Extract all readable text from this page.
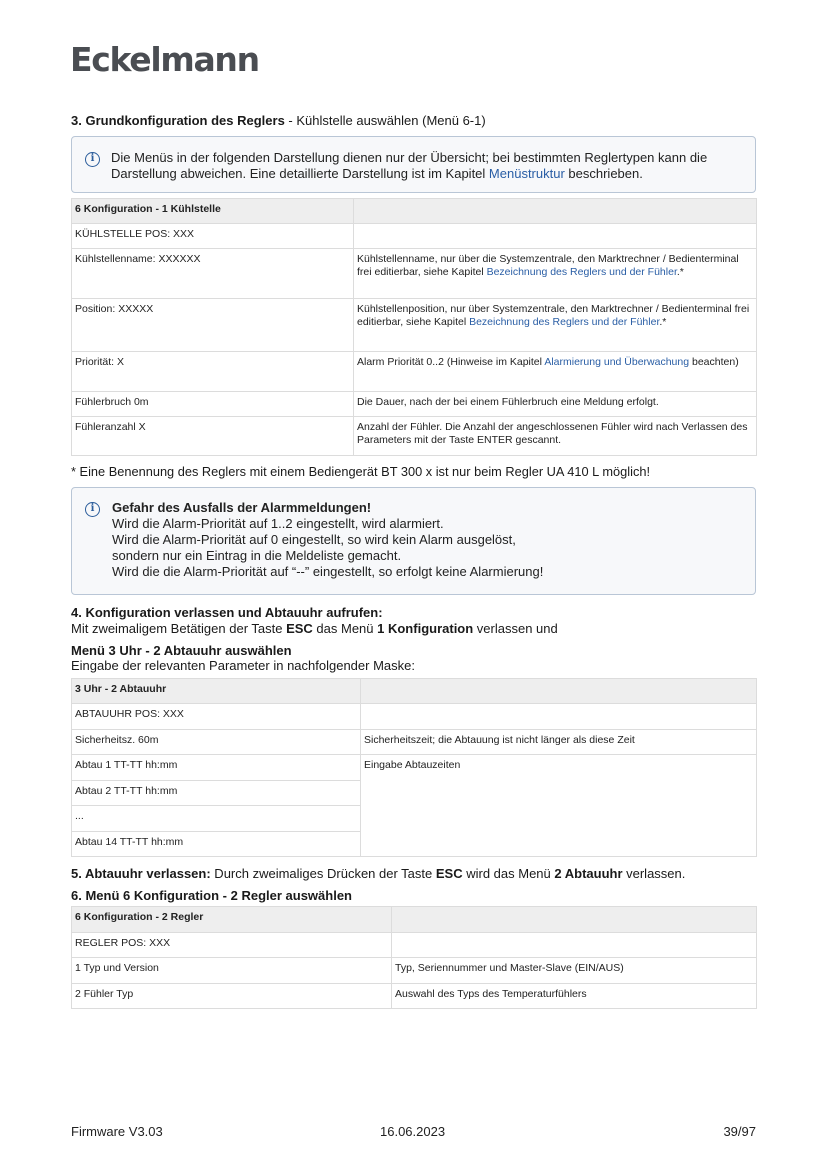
Eckelmann
3. Grundkonfiguration des Reglers - Kühlstelle auswählen (Menü 6-1)
i	Die Menüs in der folgenden Darstellung dienen nur der Übersicht; bei bestimmten Reglertypen kann die Darstellung abweichen. Eine detaillierte Darstellung ist im Kapitel Menüstruktur beschrieben.
6 Konfiguration - 1 Kühlstelle	
KÜHLSTELLE POS: XXX	
Kühlstellenname: XXXXXX	Kühlstellenname, nur über die Systemzentrale, den Marktrechner / Bedienterminal frei editierbar, siehe Kapitel Bezeichnung des Reglers und der Fühler.*
Position: XXXXX	Kühlstellenposition, nur über Systemzentrale, den Marktrechner / Bedienterminal frei editierbar, siehe Kapitel Bezeichnung des Reglers und der Fühler.*
Priorität: X	Alarm Priorität 0..2 (Hinweise im Kapitel Alarmierung und Überwachung beachten)
Fühlerbruch 0m	Die Dauer, nach der bei einem Fühlerbruch eine Meldung erfolgt.
Fühleranzahl X	Anzahl der Fühler. Die Anzahl der angeschlossenen Fühler wird nach Verlassen des Parameters mit der Taste ENTER gescannt.
* Eine Benennung des Reglers mit einem Bediengerät BT 300 x ist nur beim Regler UA 410 L möglich!
i	Gefahr des Ausfalls der Alarmmeldungen!

Wird die Alarm-Priorität auf 1..2 eingestellt, wird alarmiert.

Wird die Alarm-Priorität auf 0 eingestellt, so wird kein Alarm ausgelöst,

sondern nur ein Eintrag in die Meldeliste gemacht.

Wird die die Alarm-Priorität auf “--” eingestellt, so erfolgt keine Alarmierung!

4. Konfiguration verlassen und Abtauuhr aufrufen:
Mit zweimaligem Betätigen der Taste ESC das Menü 1 Konfiguration verlassen und
Menü 3 Uhr - 2 Abtauuhr auswählen
Eingabe der relevanten Parameter in nachfolgender Maske:
3 Uhr - 2 Abtauuhr	
ABTAUUHR POS: XXX	
Sicherheitsz. 60m	Sicherheitszeit; die Abtauung ist nicht länger als diese Zeit
Abtau 1 TT-TT hh:mm	Eingabe Abtauzeiten
Abtau 2 TT-TT hh:mm	
...	
Abtau 14 TT-TT hh:mm	
5. Abtauuhr verlassen: Durch zweimaliges Drücken der Taste ESC wird das Menü 2 Abtauuhr verlassen.
6. Menü 6 Konfiguration - 2 Regler auswählen
6 Konfiguration - 2 Regler	
REGLER POS: XXX	
1 Typ und Version	Typ, Seriennummer und Master-Slave (EIN/AUS)
2 Fühler Typ	Auswahl des Typs des Temperaturfühlers
Firmware V3.03	16.06.2023	39/97
